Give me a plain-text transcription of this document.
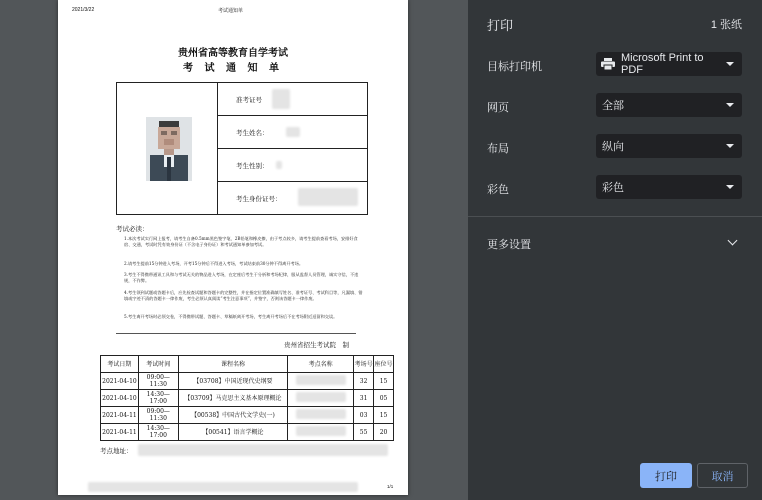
2021/3/22	考试通知单
贵州省高等教育自学考试
考 试 通 知 单
准考证号
考生姓名：
考生性别：
考生身份证号：
考试必读：
1.本次考试实行网上报考，请考生自备0.5mm黑色签字笔、2B铅笔和橡皮擦，由于考点较多，请考生提前查看考场，安排好食宿、交通，考试时凭有效身份证（不含电子身份证）和考试通知单参加考试。
2.请考生提前15分钟进入考场，开考15分钟后不得进入考场，考试结束前30分钟不得离开考场。
3.考生不得携带通讯工具和与考试无关的物品进入考场，在定座后考生于分析和考场纪律，服从监督人员管理，诚实守信，不违规，不作弊。
4.考生领到试题或答题卡后，应先检查试题和答题卡的完整性，并在指定位置准确填写姓名、准考证号、考试科目等，凡漏填、错填或字迹不清的答题卡一律作废，考生必须认真阅读“考生注意事项”，并签字，否则该答题卡一律作废。
5.考生离开考场时必须交卷，不得携带试题、答题卡、草稿纸离开考场，考生离开考场后不在考场附近逗留和交谈。
贵州省招生考试院　制
考试日期	考试时间	课程名称	考点名称	考场号	座位号
2021-04-10	09:00—11:30	【03708】中国近现代史纲要		32	15
2021-04-10	14:30—17:00	【03709】马克思主义基本原理概论		31	05
2021-04-11	09:00—11:30	【00538】中国古代文学史(一)		03	15
2021-04-11	14:30—17:00	【00541】语言学概论		55	20
考点地址：
1/1
打印	1 张纸
目标打印机
Microsoft Print to PDF
网页	全部
布局	纵向
彩色	彩色
更多设置
打印	取消
